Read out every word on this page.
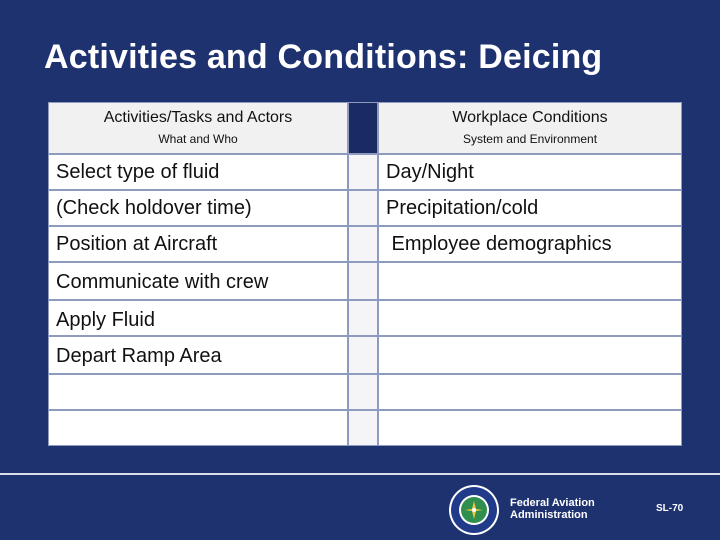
Activities and Conditions: Deicing
Activities/Tasks and Actors
What and Who
Workplace Conditions
System and Environment
Select type of fluid
(Check holdover time)
Position at Aircraft
Communicate with crew
Apply Fluid
Depart Ramp Area
Day/Night
Precipitation/cold
Employee demographics
Federal Aviation
Administration
SL-70
